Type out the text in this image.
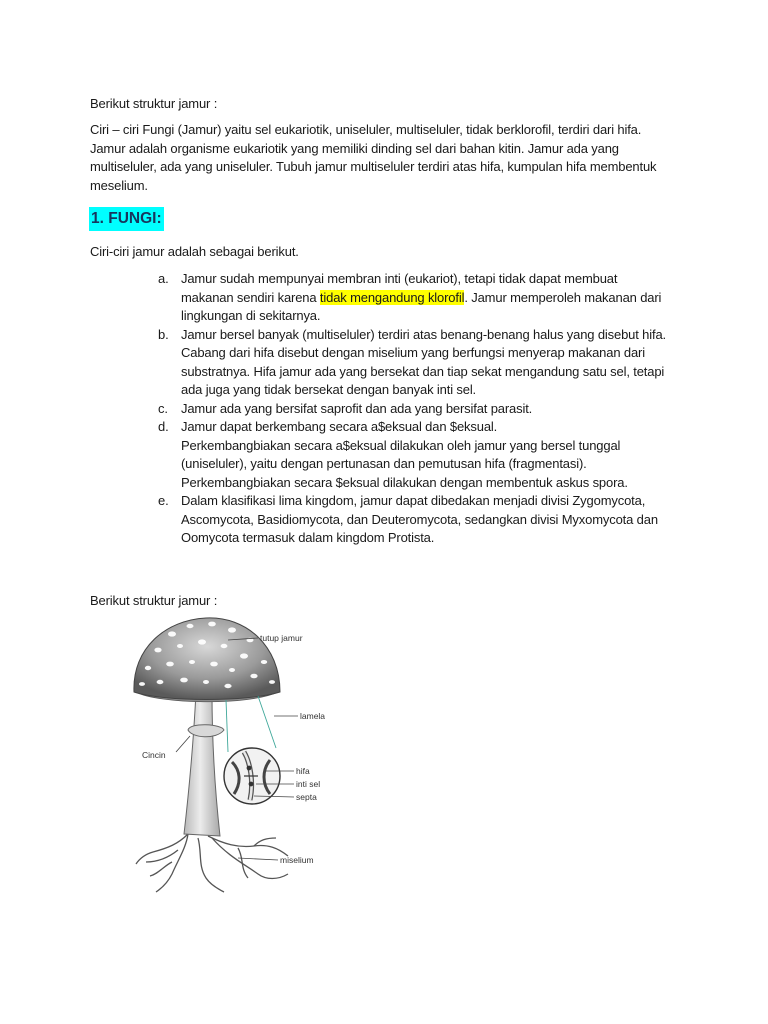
Berikut struktur jamur :

Ciri – ciri Fungi (Jamur) yaitu sel eukariotik, uniseluler, multiseluler, tidak berklorofil, terdiri dari hifa.

Jamur adalah organisme eukariotik yang memiliki dinding sel dari bahan kitin. Jamur ada yang

multiseluler, ada yang uniseluler. Tubuh jamur multiseluler terdiri atas hifa, kumpulan hifa membentuk

meselium.

1. FUNGI:
Ciri-ciri jamur adalah sebagai berikut.
a. Jamur sudah mempunyai membran inti (eukariot), tetapi tidak dapat membuat
makanan sendiri karena tidak mengandung klorofil. Jamur memperoleh makanan dari
lingkungan di sekitarnya.
b. Jamur bersel banyak (multiseluler) terdiri atas benang-benang halus yang disebut hifa.
Cabang dari hifa disebut dengan miselium yang berfungsi menyerap makanan dari
substratnya. Hifa jamur ada yang bersekat dan tiap sekat mengandung satu sel, tetapi
ada juga yang tidak bersekat dengan banyak inti sel.
c. Jamur ada yang bersifat saprofit dan ada yang bersifat parasit.
d. Jamur dapat berkembang secara a$eksual dan $eksual.
Perkembangbiakan secara a$eksual dilakukan oleh jamur yang bersel tunggal
(uniseluler), yaitu dengan pertunasan dan pemutusan hifa (fragmentasi).
Perkembangbiakan secara $eksual dilakukan dengan membentuk askus spora.
e. Dalam klasifikasi lima kingdom, jamur dapat dibedakan menjadi divisi Zygomycota,
Ascomycota, Basidiomycota, dan Deuteromycota, sedangkan divisi Myxomycota dan
Oomycota termasuk dalam kingdom Protista.
Berikut struktur jamur :
tutup jamur
lamela
Cincin
hifa
inti sel
septa
miselium
